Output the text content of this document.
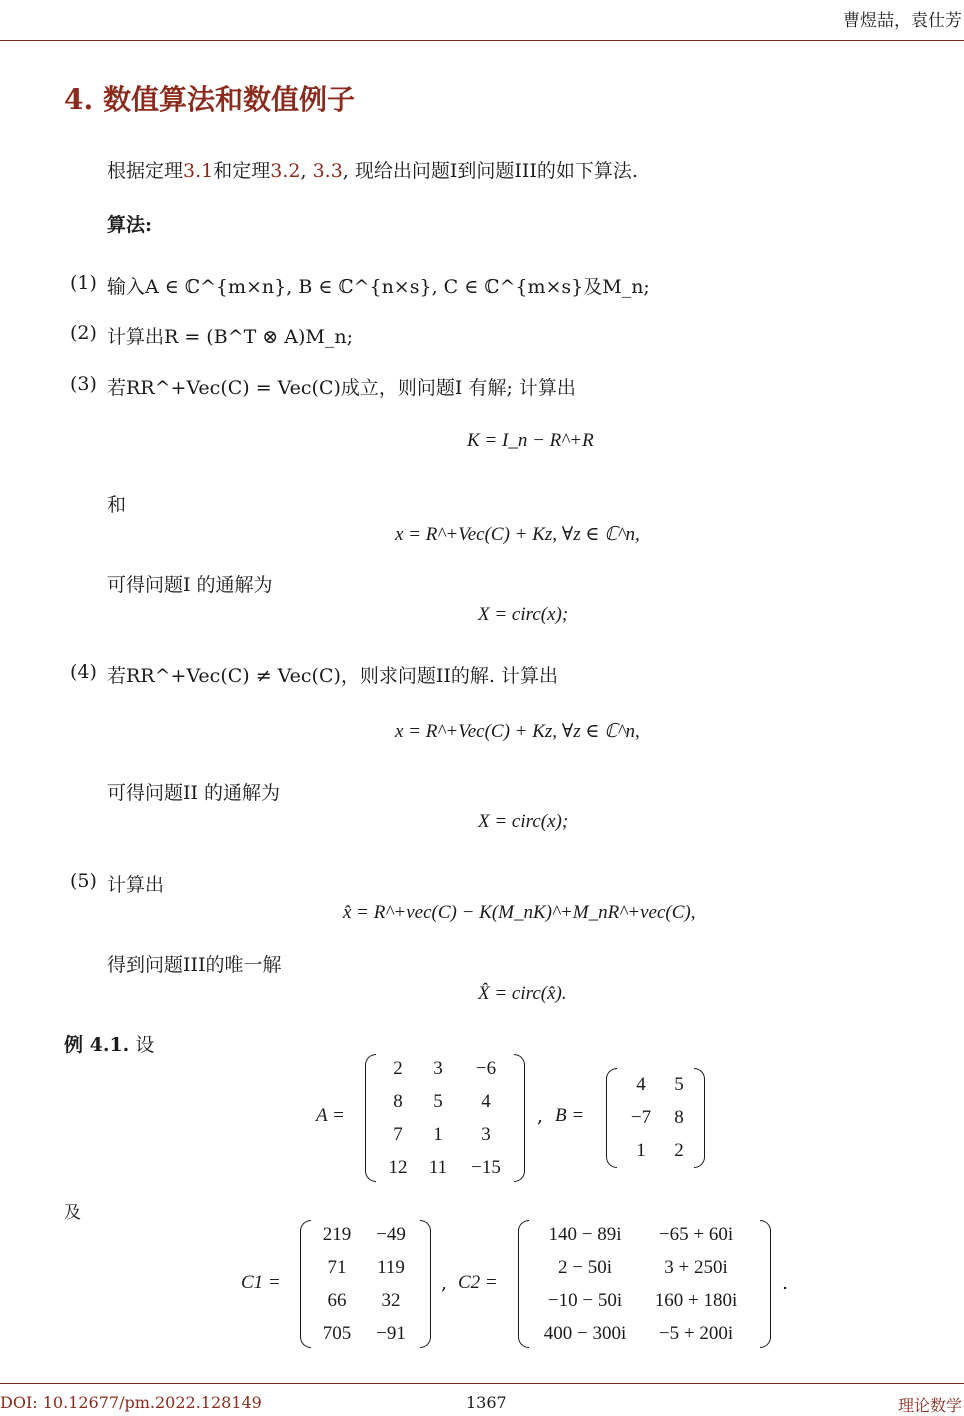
曹煜喆，袁仕芳
4. 数值算法和数值例子
根据定理3.1和定理3.2, 3.3, 现给出问题I到问题III的如下算法.
算法:
(1) 输入A ∈ ℂ^{m×n}, B ∈ ℂ^{n×s}, C ∈ ℂ^{m×s}及M_n;
(2) 计算出R = (B^T ⊗ A)M_n;
(3) 若RR^+Vec(C) = Vec(C)成立，则问题I 有解; 计算出
K = I_n − R^+R
和
x = R^+Vec(C) + Kz, ∀z ∈ ℂ^n,
可得问题I 的通解为
X = circ(x);
(4) 若RR^+Vec(C) ≠ Vec(C)，则求问题II的解. 计算出
x = R^+Vec(C) + Kz, ∀z ∈ ℂ^n,
可得问题II 的通解为
X = circ(x);
(5) 计算出
x̂ = R^+vec(C) − K(M_nK)^+M_nR^+vec(C),
得到问题III的唯一解
X̂ = circ(x̂).
例 4.1. 设
A =
2	3	−6
8	5	4
7	1	3
12	11	−15
, B =
4	5
−7	8
1	2
及
C1 =
219	−49
71	119
66	32
705	−91
, C2 =
140 − 89i	−65 + 60i
2 − 50i	3 + 250i
−10 − 50i	160 + 180i
400 − 300i	−5 + 200i
.
DOI: 10.12677/pm.2022.128149	1367	理论数学
